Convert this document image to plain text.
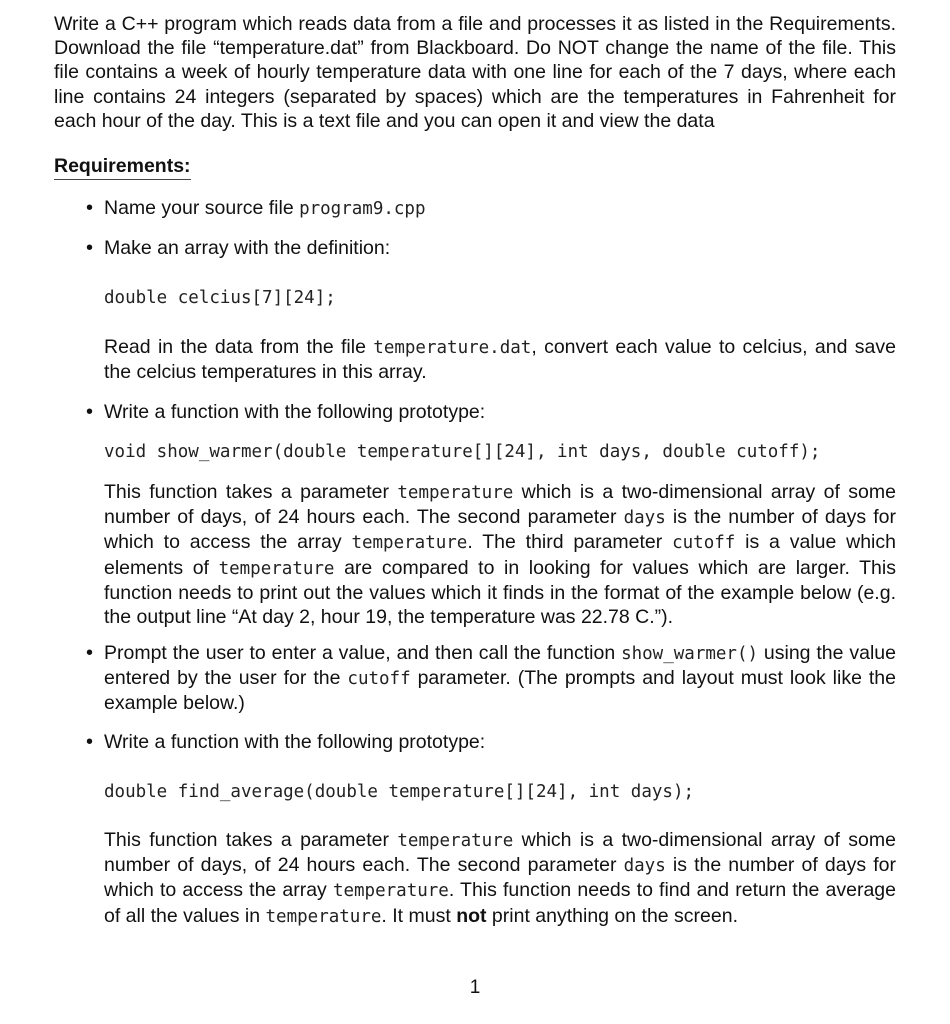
Write a C++ program which reads data from a file and processes it as listed in the Requirements. Download the file “temperature.dat” from Blackboard. Do NOT change the name of the file. This file contains a week of hourly temperature data with one line for each of the 7 days, where each line contains 24 integers (separated by spaces) which are the temperatures in Fahrenheit for each hour of the day. This is a text file and you can open it and view the data
Requirements:
• Name your source file program9.cpp
• Make an array with the definition:
double celcius[7][24];
Read in the data from the file temperature.dat, convert each value to celcius, and save the celcius temperatures in this array.
• Write a function with the following prototype:
void show_warmer(double temperature[][24], int days, double cutoff);
This function takes a parameter temperature which is a two-dimensional array of some number of days, of 24 hours each. The second parameter days is the number of days for which to access the array temperature. The third parameter cutoff is a value which elements of temperature are compared to in looking for values which are larger. This function needs to print out the values which it finds in the format of the example below (e.g. the output line “At day 2, hour 19, the temperature was 22.78 C.”).
• Prompt the user to enter a value, and then call the function show_warmer() using the value entered by the user for the cutoff parameter. (The prompts and layout must look like the example below.)
• Write a function with the following prototype:
double find_average(double temperature[][24], int days);
This function takes a parameter temperature which is a two-dimensional array of some number of days, of 24 hours each. The second parameter days is the number of days for which to access the array temperature. This function needs to find and return the average of all the values in temperature. It must not print anything on the screen.
1
